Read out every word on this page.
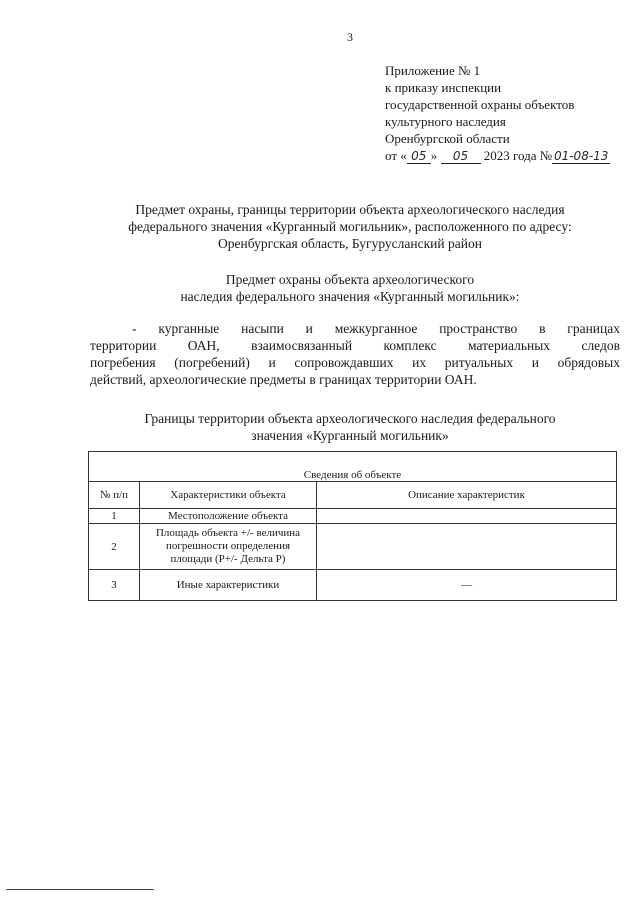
3
Приложение № 1
к приказу инспекции
государственной охраны объектов
культурного наследия
Оренбургской области
от « 05 » 05 2023 года № 01-08-13
Предмет охраны, границы территории объекта археологического наследия
федерального значения «Курганный могильник», расположенного по адресу:
Оренбургская область, Бугурусланский район
Предмет охраны объекта археологического
наследия федерального значения «Курганный могильник»:
- курганные насыпи и межкурганное пространство в границах
территории ОАН, взаимосвязанный комплекс материальных следов
погребения (погребений) и сопровождавших их ритуальных и обрядовых
действий, археологические предметы в границах территории ОАН.
Границы территории объекта археологического наследия федерального
значения «Курганный могильник»
Сведения об объекте		
№ п/п	Характеристики объекта	Описание характеристик
1	Местоположение объекта	
2	Площадь объекта +/- величина
погрешности определения
площади (P+/- Дельта P)	

3	Иные характеристики	—
